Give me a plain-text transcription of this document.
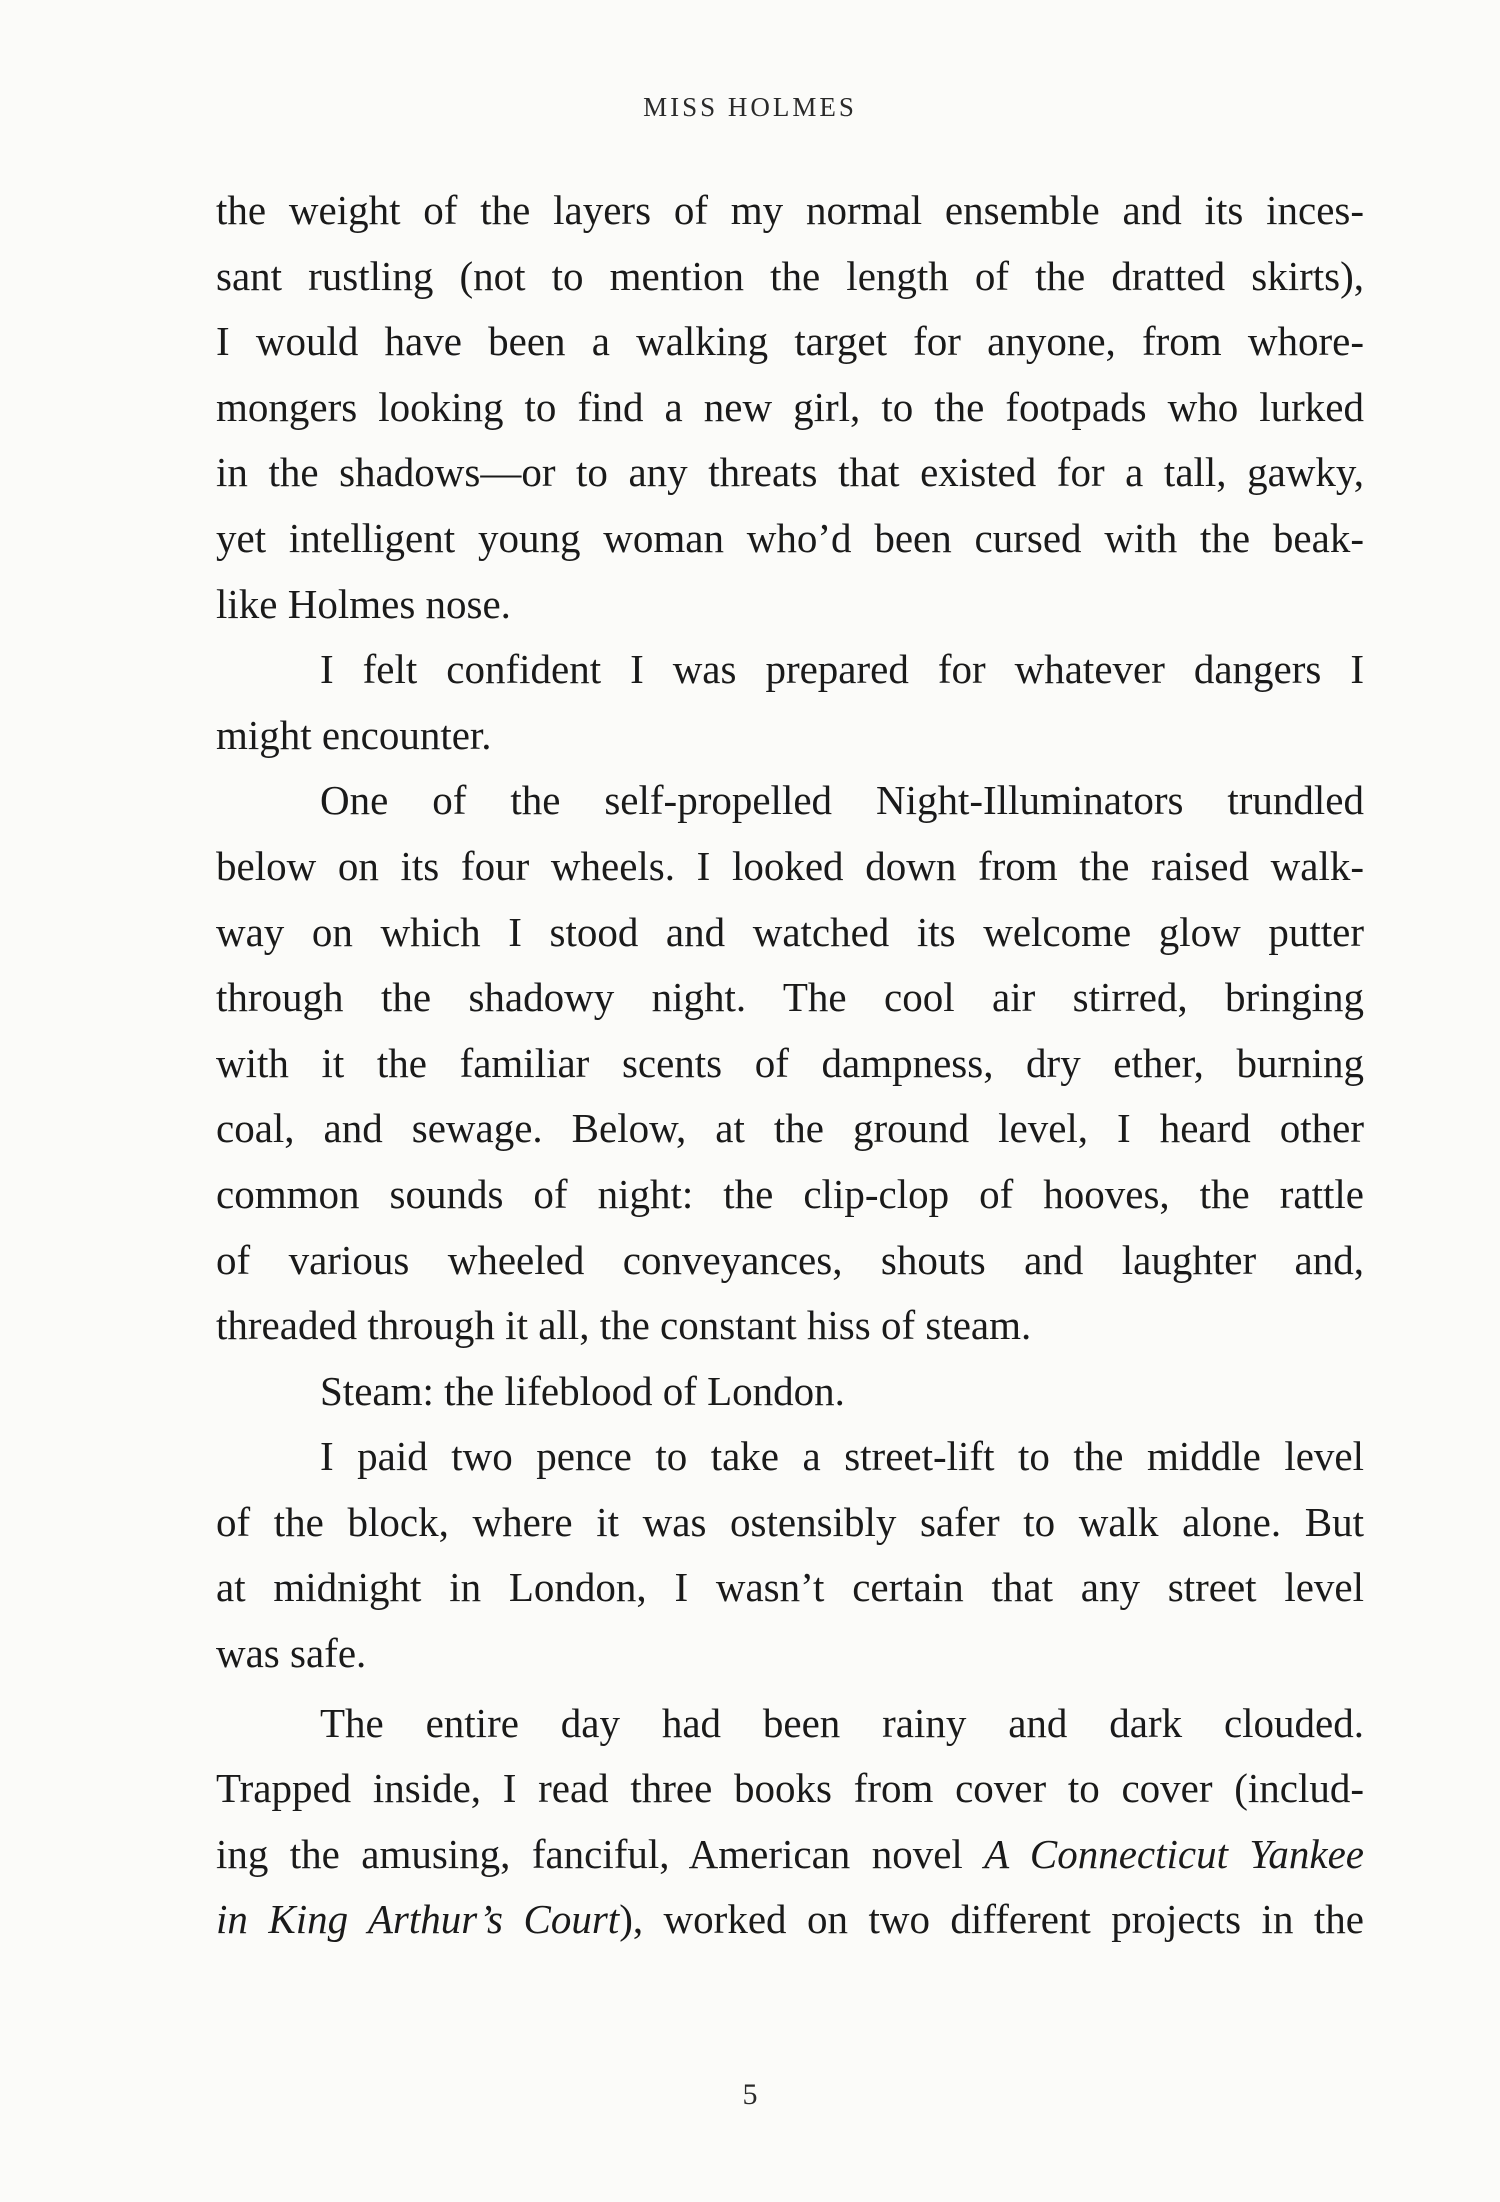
MISS HOLMES
the weight of the layers of my normal ensemble and its inces-
sant rustling (not to mention the length of the dratted skirts),
I would have been a walking target for anyone, from whore-
mongers looking to find a new girl, to the footpads who lurked
in the shadows—or to any threats that existed for a tall, gawky,
yet intelligent young woman who’d been cursed with the beak-
like Holmes nose.
I felt confident I was prepared for whatever dangers I
might encounter.
One of the self-propelled Night-Illuminators trundled
below on its four wheels. I looked down from the raised walk-
way on which I stood and watched its welcome glow putter
through the shadowy night. The cool air stirred, bringing
with it the familiar scents of dampness, dry ether, burning
coal, and sewage. Below, at the ground level, I heard other
common sounds of night: the clip-clop of hooves, the rattle
of various wheeled conveyances, shouts and laughter and,
threaded through it all, the constant hiss of steam.
Steam: the lifeblood of London.
I paid two pence to take a street-lift to the middle level
of the block, where it was ostensibly safer to walk alone. But
at midnight in London, I wasn’t certain that any street level
was safe.
The entire day had been rainy and dark clouded.
Trapped inside, I read three books from cover to cover (includ-
ing the amusing, fanciful, American novel A Connecticut Yankee
in King Arthur’s Court), worked on two different projects in the
5
